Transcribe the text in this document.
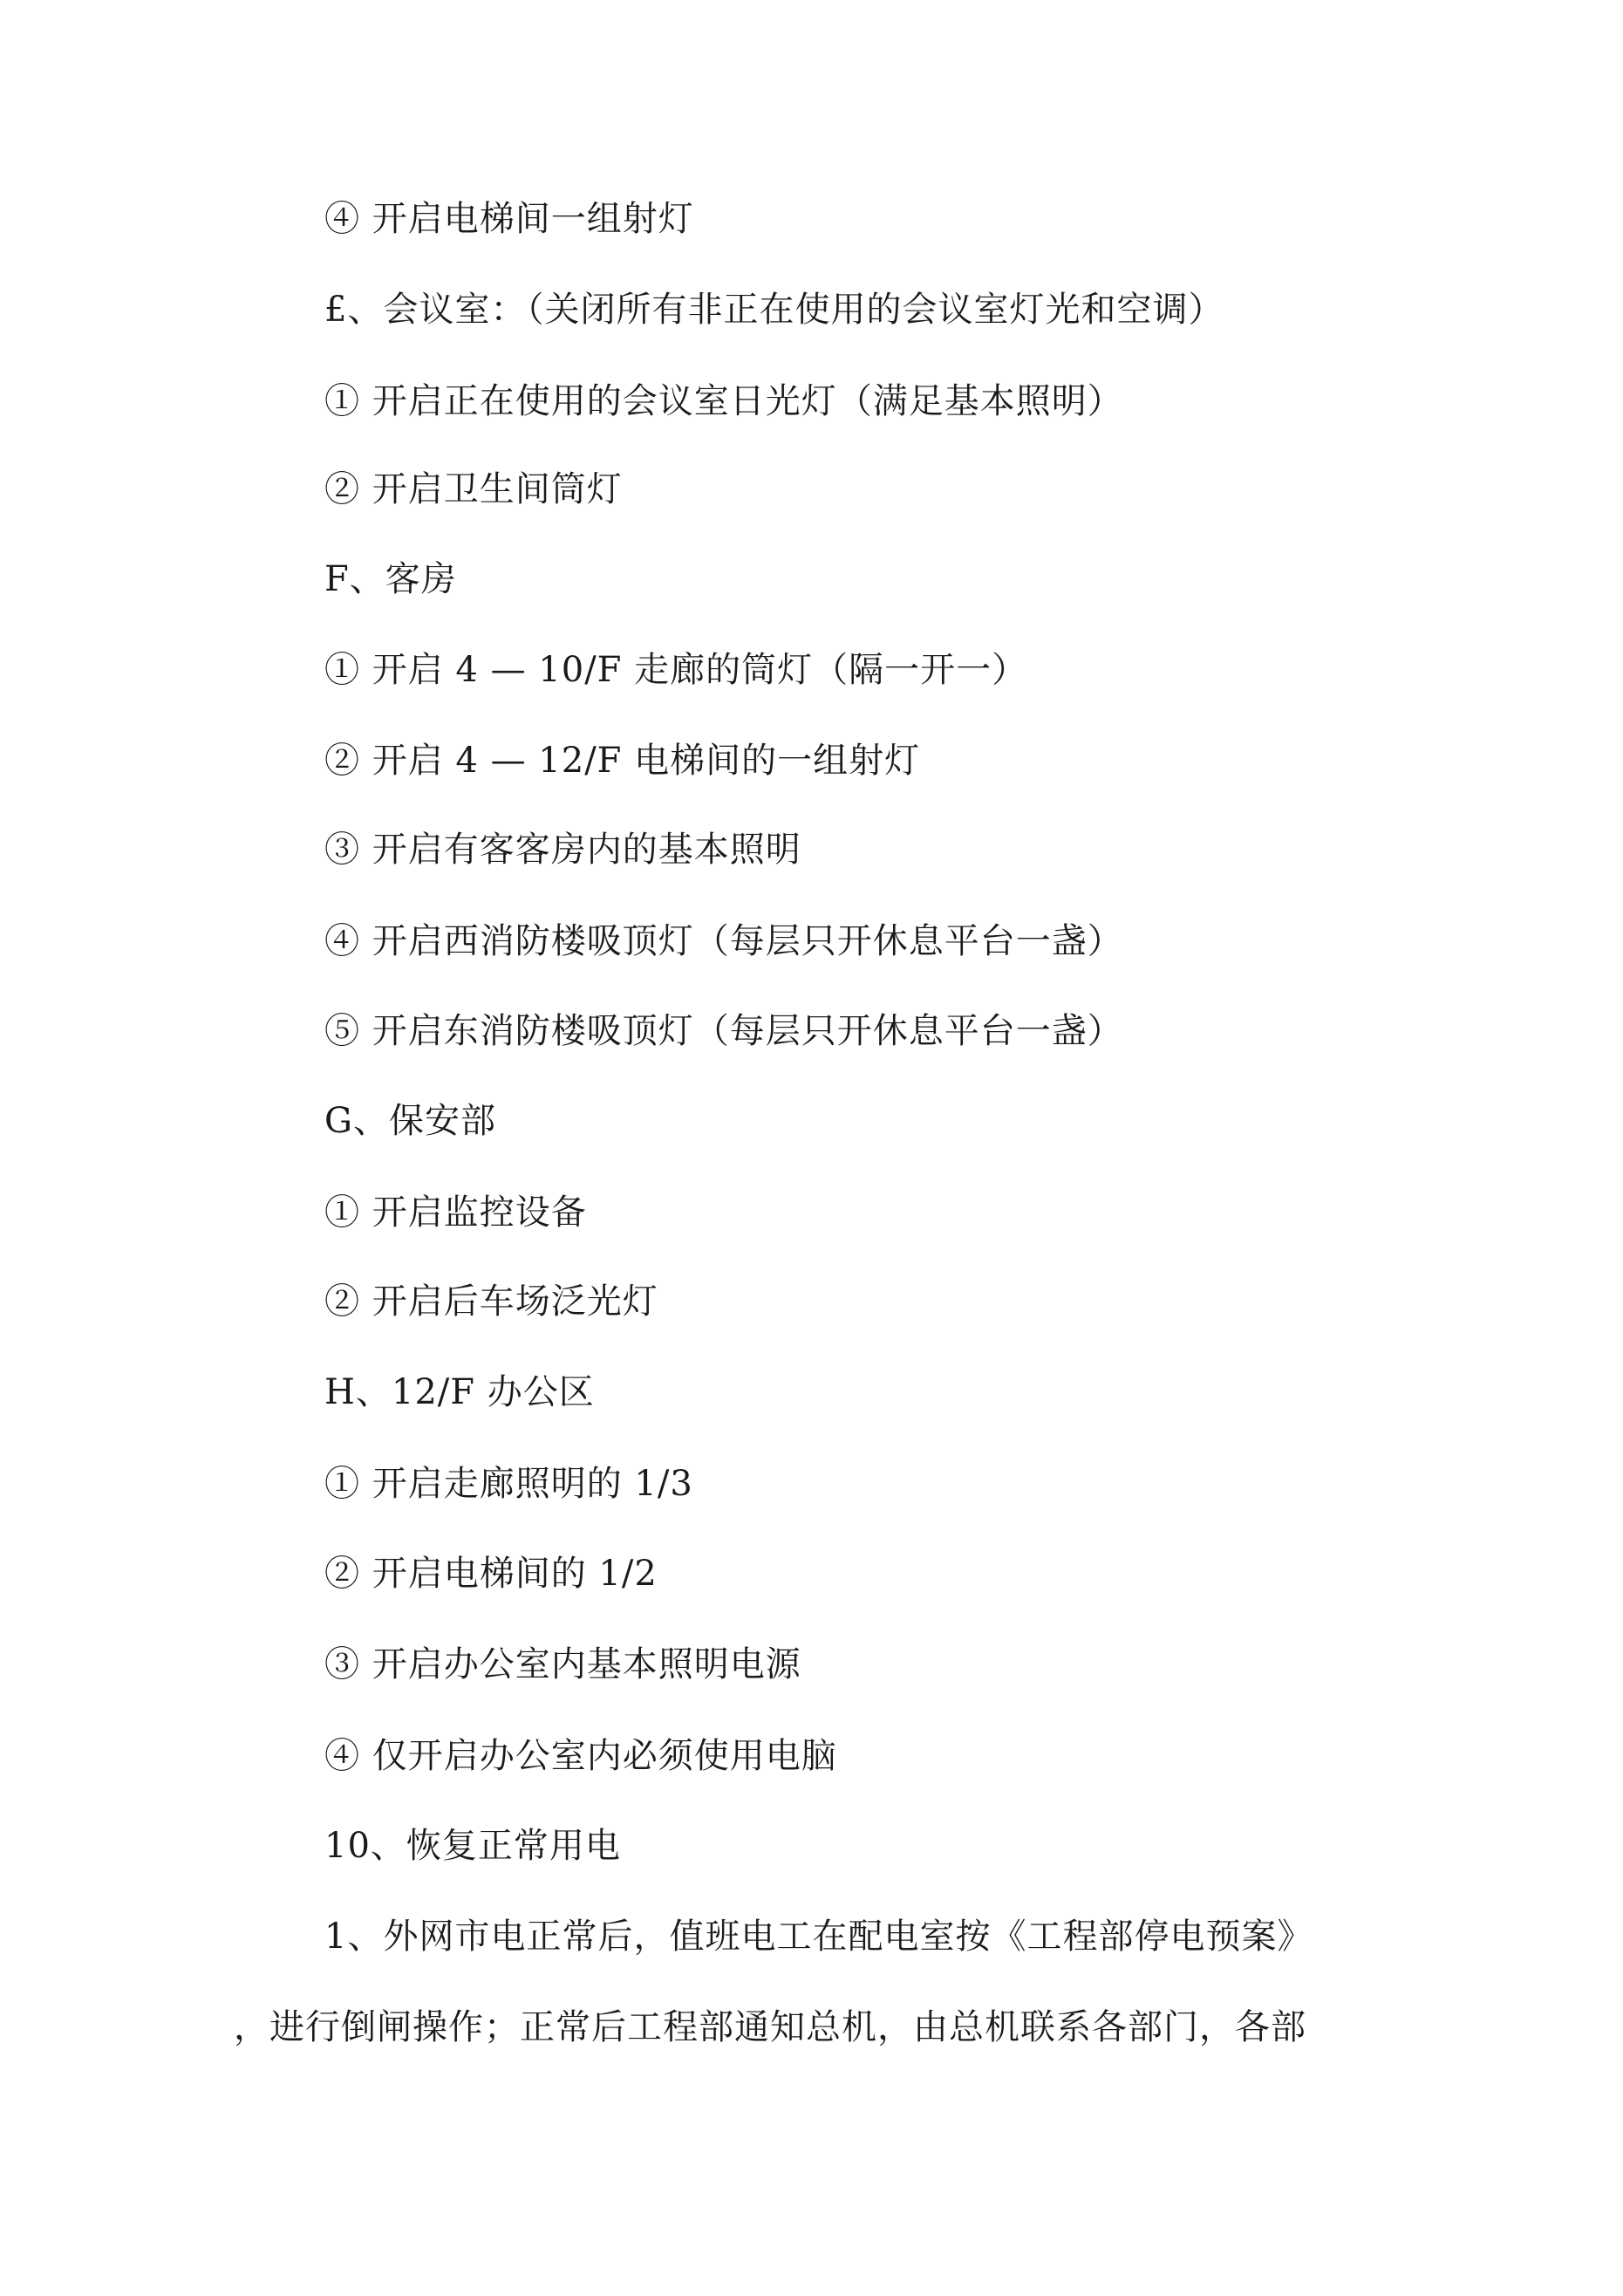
④ 开启电梯间一组射灯
£、会议室：（关闭所有非正在使用的会议室灯光和空调）
① 开启正在使用的会议室日光灯（满足基本照明）
② 开启卫生间筒灯
F、客房
① 开启 4 — 10/F 走廊的筒灯（隔一开一）
② 开启 4 — 12/F 电梯间的一组射灯
③ 开启有客客房内的基本照明
④ 开启西消防楼吸顶灯（每层只开休息平台一盏）
⑤ 开启东消防楼吸顶灯（每层只开休息平台一盏）
G、保安部
① 开启监控设备
② 开启后车场泛光灯
H、12/F 办公区
① 开启走廊照明的 1/3
② 开启电梯间的 1/2
③ 开启办公室内基本照明电源
④ 仅开启办公室内必须使用电脑
10、恢复正常用电
1、外网市电正常后，值班电工在配电室按《工程部停电预案》
，进行倒闸操作；正常后工程部通知总机，由总机联系各部门，各部
